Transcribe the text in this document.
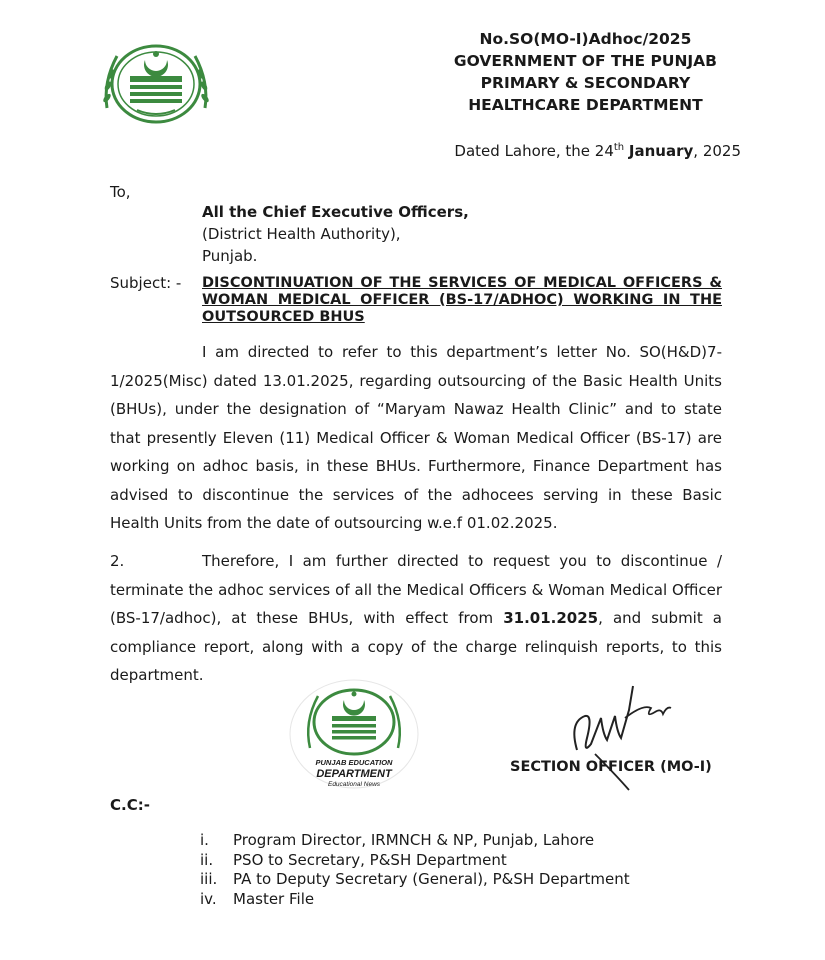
No.SO(MO-I)Adhoc/2025
GOVERNMENT OF THE PUNJAB
PRIMARY & SECONDARY
HEALTHCARE DEPARTMENT
Dated Lahore, the 24th January, 2025
To,
All the Chief Executive Officers,
(District Health Authority),
Punjab.
Subject: - DISCONTINUATION OF THE SERVICES OF MEDICAL OFFICERS & WOMAN MEDICAL OFFICER (BS-17/ADHOC) WORKING IN THE OUTSOURCED BHUS
I am directed to refer to this department’s letter No. SO(H&D)7-1/2025(Misc) dated 13.01.2025, regarding outsourcing of the Basic Health Units (BHUs), under the designation of “Maryam Nawaz Health Clinic” and to state that presently Eleven (11) Medical Officer & Woman Medical Officer (BS-17) are working on adhoc basis, in these BHUs. Furthermore, Finance Department has advised to discontinue the services of the adhocees serving in these Basic Health Units from the date of outsourcing w.e.f 01.02.2025.
2.	Therefore, I am further directed to request you to discontinue / terminate the adhoc services of all the Medical Officers & Woman Medical Officer (BS-17/adhoc), at these BHUs, with effect from 31.01.2025, and submit a compliance report, along with a copy of the charge relinquish reports, to this department.
PUNJAB EDUCATION
DEPARTMENT
Educational News
SECTION OFFICER (MO-I)
C.C:-
i.	Program Director, IRMNCH & NP, Punjab, Lahore
ii.	PSO to Secretary, P&SH Department
iii.	PA to Deputy Secretary (General), P&SH Department
iv.	Master File
